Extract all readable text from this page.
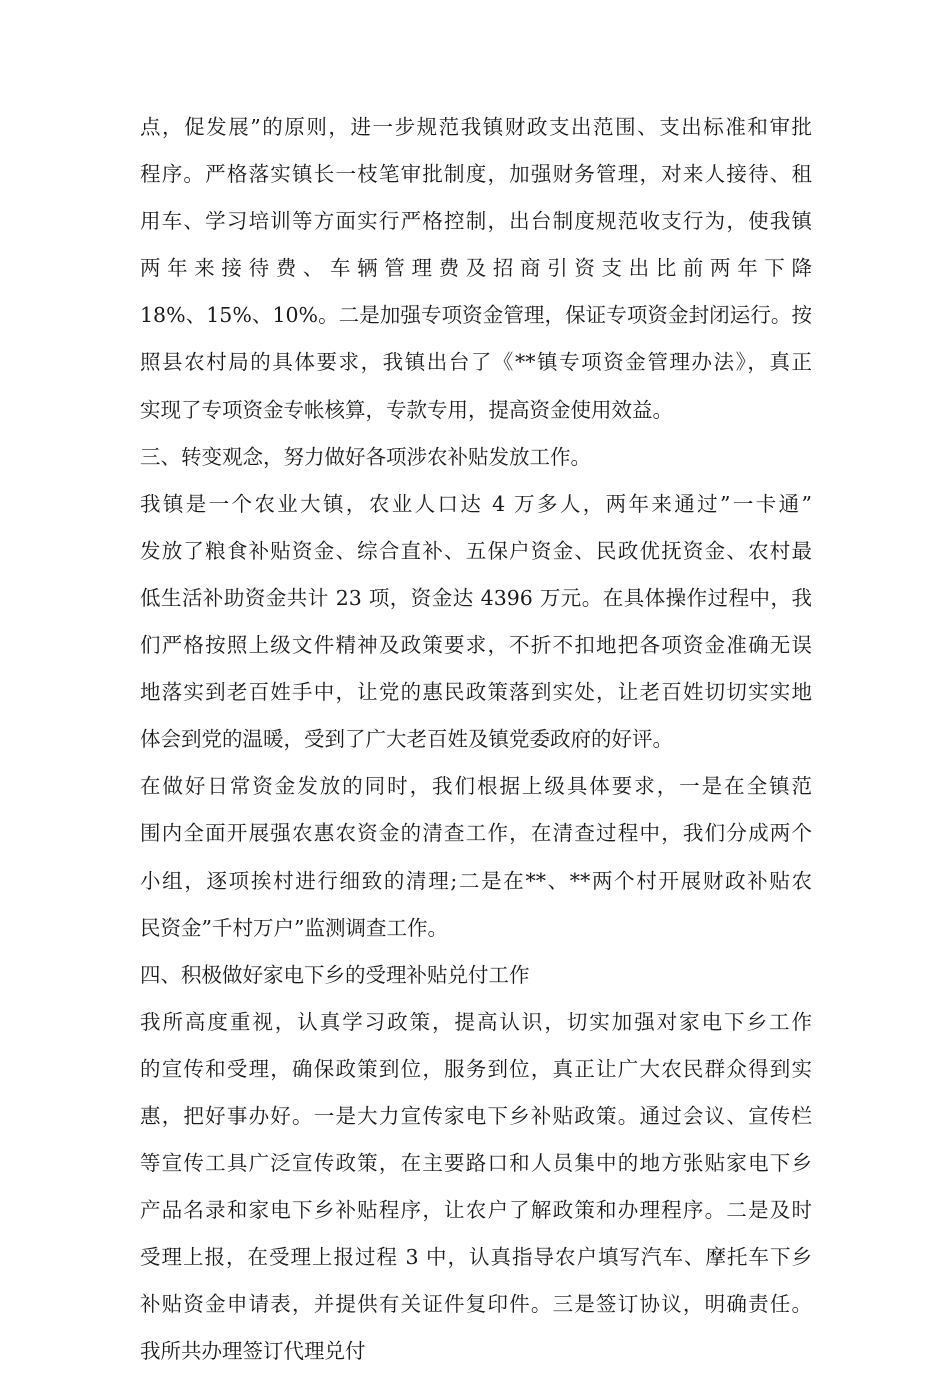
点，促发展”的原则，进一步规范我镇财政支出范围、支出标准和审批
程序。严格落实镇长一枝笔审批制度，加强财务管理，对来人接待、租
用车、学习培训等方面实行严格控制，出台制度规范收支行为，使我镇
两年来接待费、车辆管理费及招商引资支出比前两年下降
18%、15%、10%。二是加强专项资金管理，保证专项资金封闭运行。按
照县农村局的具体要求，我镇出台了《**镇专项资金管理办法》，真正
实现了专项资金专帐核算，专款专用，提高资金使用效益。
三、转变观念，努力做好各项涉农补贴发放工作。
我镇是一个农业大镇，农业人口达 4 万多人，两年来通过”一卡通”
发放了粮食补贴资金、综合直补、五保户资金、民政优抚资金、农村最
低生活补助资金共计 23 项，资金达 4396 万元。在具体操作过程中，我
们严格按照上级文件精神及政策要求，不折不扣地把各项资金准确无误
地落实到老百姓手中，让党的惠民政策落到实处，让老百姓切切实实地
体会到党的温暖，受到了广大老百姓及镇党委政府的好评。
在做好日常资金发放的同时，我们根据上级具体要求，一是在全镇范
围内全面开展强农惠农资金的清查工作，在清查过程中，我们分成两个
小组，逐项挨村进行细致的清理;二是在**、**两个村开展财政补贴农
民资金”千村万户”监测调查工作。
四、积极做好家电下乡的受理补贴兑付工作
我所高度重视，认真学习政策，提高认识，切实加强对家电下乡工作
的宣传和受理，确保政策到位，服务到位，真正让广大农民群众得到实
惠，把好事办好。一是大力宣传家电下乡补贴政策。通过会议、宣传栏
等宣传工具广泛宣传政策，在主要路口和人员集中的地方张贴家电下乡
产品名录和家电下乡补贴程序，让农户了解政策和办理程序。二是及时
受理上报，在受理上报过程 3 中，认真指导农户填写汽车、摩托车下乡
补贴资金申请表，并提供有关证件复印件。三是签订协议，明确责任。
我所共办理签订代理兑付
